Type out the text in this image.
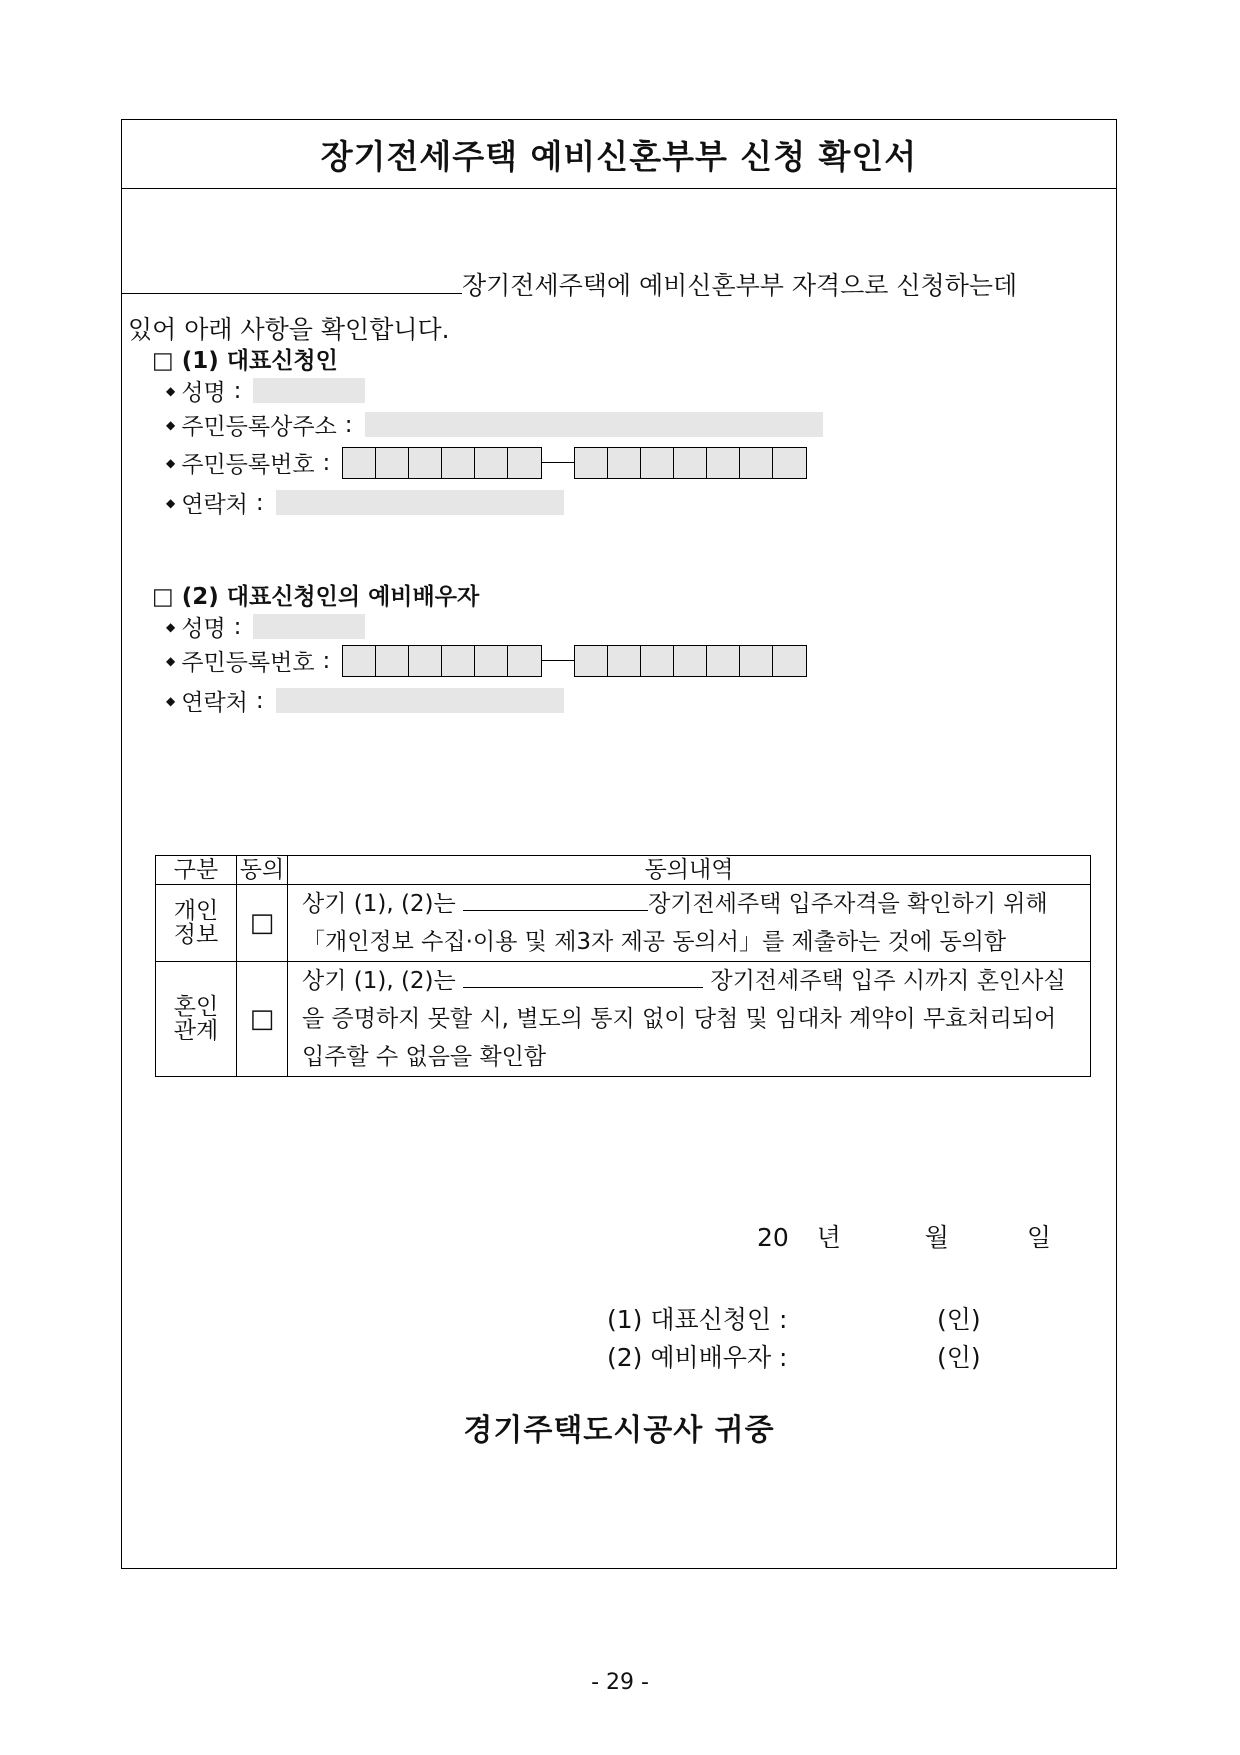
장기전세주택 예비신혼부부 신청 확인서
장기전세주택에 예비신혼부부 자격으로 신청하는데
있어 아래 사항을 확인합니다.
□ (1) 대표신청인
◆ 성명 :
◆ 주민등록상주소 :
◆ 주민등록번호 :
◆ 연락처 :
□ (2) 대표신청인의 예비배우자
◆ 성명 :
◆ 주민등록번호 :
◆ 연락처 :
구분	동의	동의내역
개인
정보	□	상기 (1), (2)는 장기전세주택 입주자격을 확인하기 위해「개인정보 수집·이용 및 제3자 제공 동의서」를 제출하는 것에 동의함
혼인
관계	□	상기 (1), (2)는 장기전세주택 입주 시까지 혼인사실을 증명하지 못할 시, 별도의 통지 없이 당첨 및 임대차 계약이 무효처리되어 입주할 수 없음을 확인함
20 년	월	일
(1) 대표신청인 :	(인)
(2) 예비배우자 :	(인)
경기주택도시공사 귀중
- 29 -
